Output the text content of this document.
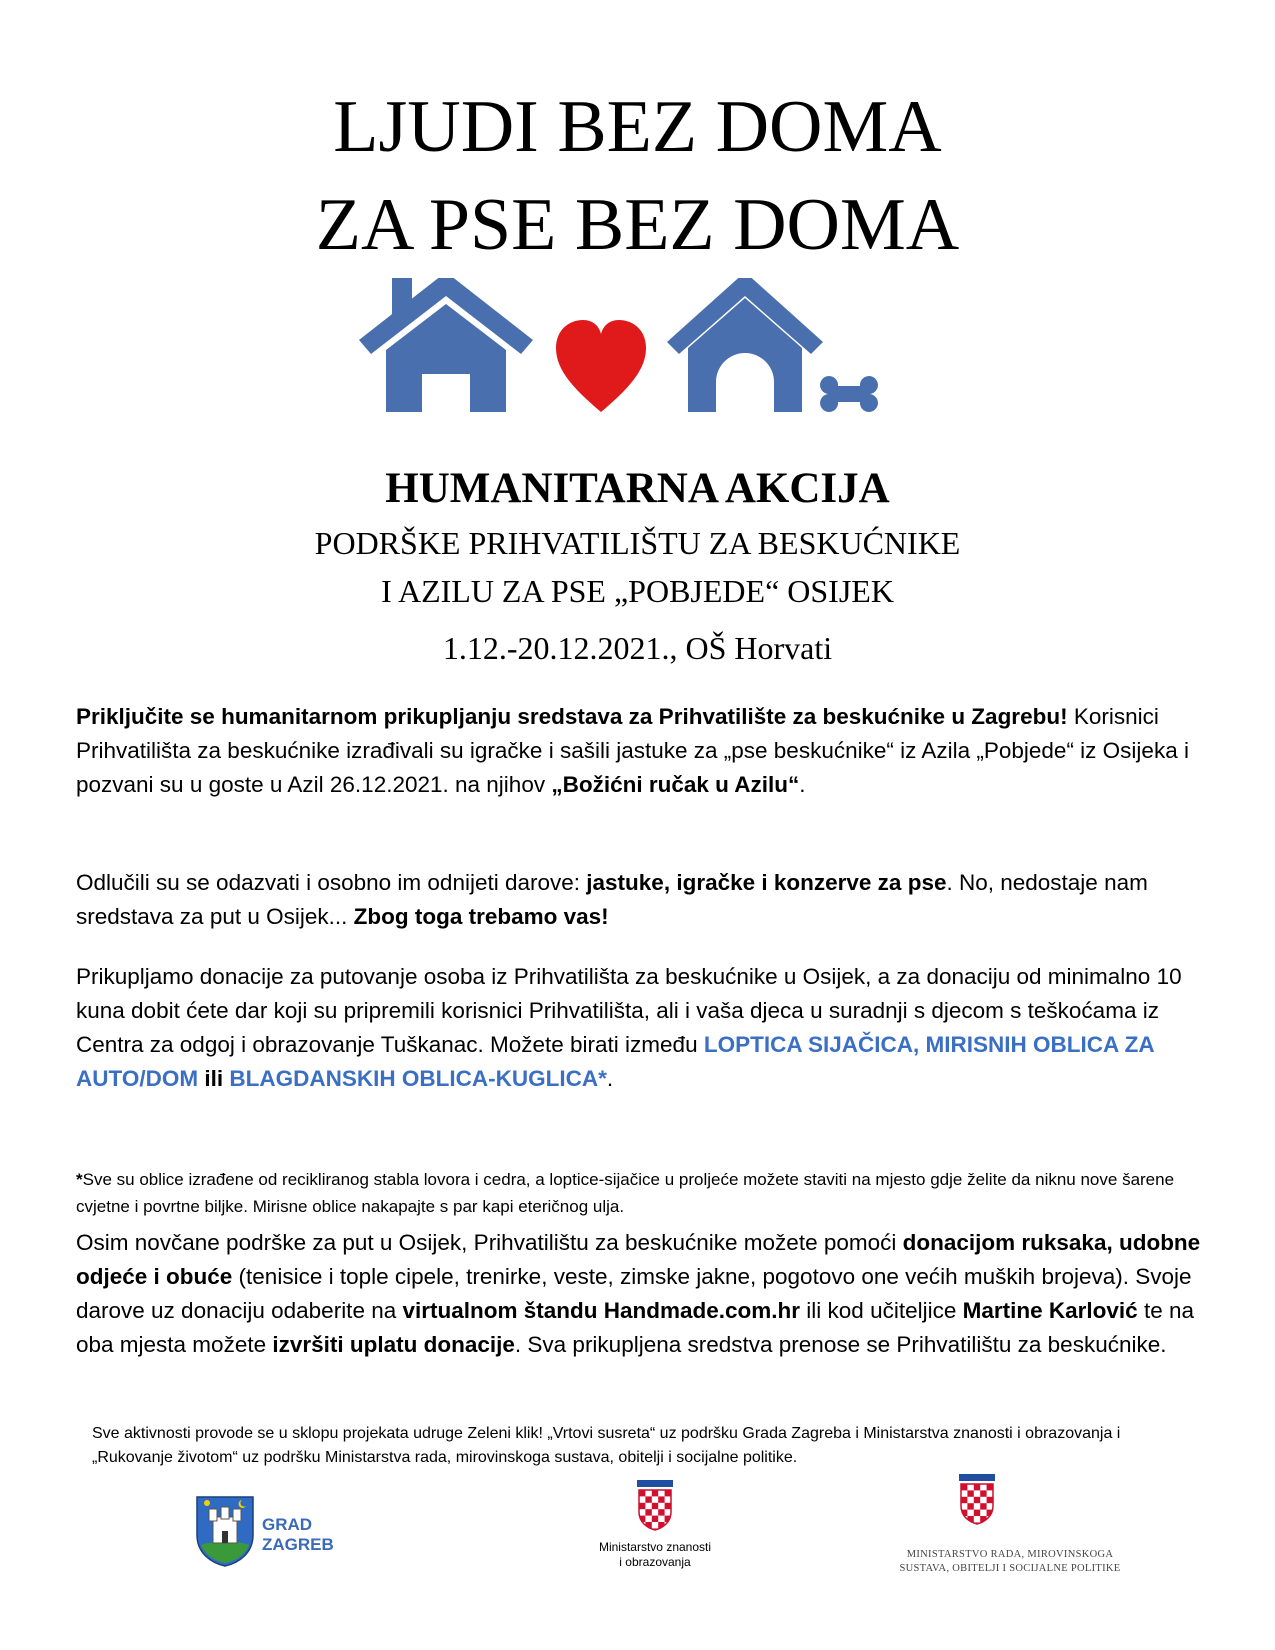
LJUDI BEZ DOMA
ZA PSE BEZ DOMA
HUMANITARNA AKCIJA
PODRŠKE PRIHVATILIŠTU ZA BESKUĆNIKE
I AZILU ZA PSE „POBJEDE“ OSIJEK
1.12.-20.12.2021., OŠ Horvati
Priključite se humanitarnom prikupljanju sredstava za Prihvatilište za beskućnike u Zagrebu! Korisnici Prihvatilišta za beskućnike izrađivali su igračke i sašili jastuke za „pse beskućnike“ iz Azila „Pobjede“ iz Osijeka i pozvani su u goste u Azil 26.12.2021. na njihov „Božićni ručak u Azilu“.
Odlučili su se odazvati i osobno im odnijeti darove: jastuke, igračke i konzerve za pse. No, nedostaje nam sredstava za put u Osijek... Zbog toga trebamo vas!
Prikupljamo donacije za putovanje osoba iz Prihvatilišta za beskućnike u Osijek, a za donaciju od minimalno 10 kuna dobit ćete dar koji su pripremili korisnici Prihvatilišta, ali i vaša djeca u suradnji s djecom s teškoćama iz Centra za odgoj i obrazovanje Tuškanac. Možete birati između LOPTICA SIJAČICA, MIRISNIH OBLICA ZA AUTO/DOM ili BLAGDANSKIH OBLICA-KUGLICA*.
*Sve su oblice izrađene od recikliranog stabla lovora i cedra, a loptice-sijačice u proljeće možete staviti na mjesto gdje želite da niknu nove šarene cvjetne i povrtne biljke. Mirisne oblice nakapajte s par kapi eteričnog ulja.
Osim novčane podrške za put u Osijek, Prihvatilištu za beskućnike možete pomoći donacijom ruksaka, udobne odjeće i obuće (tenisice i tople cipele, trenirke, veste, zimske jakne, pogotovo one većih muških brojeva). Svoje darove uz donaciju odaberite na virtualnom štandu Handmade.com.hr ili kod učiteljice Martine Karlović te na oba mjesta možete izvršiti uplatu donacije. Sva prikupljena sredstva prenose se Prihvatilištu za beskućnike.
Sve aktivnosti provode se u sklopu projekata udruge Zeleni klik! „Vrtovi susreta“ uz podršku Grada Zagreba i Ministarstva znanosti i obrazovanja i „Rukovanje životom“ uz podršku Ministarstva rada, mirovinskoga sustava, obitelji i socijalne politike.
GRAD
ZAGREB	Ministarstvo znanosti
i obrazovanja
MINISTARSTVO RADA, MIROVINSKOGA
SUSTAVA, OBITELJI I SOCIJALNE POLITIKE
